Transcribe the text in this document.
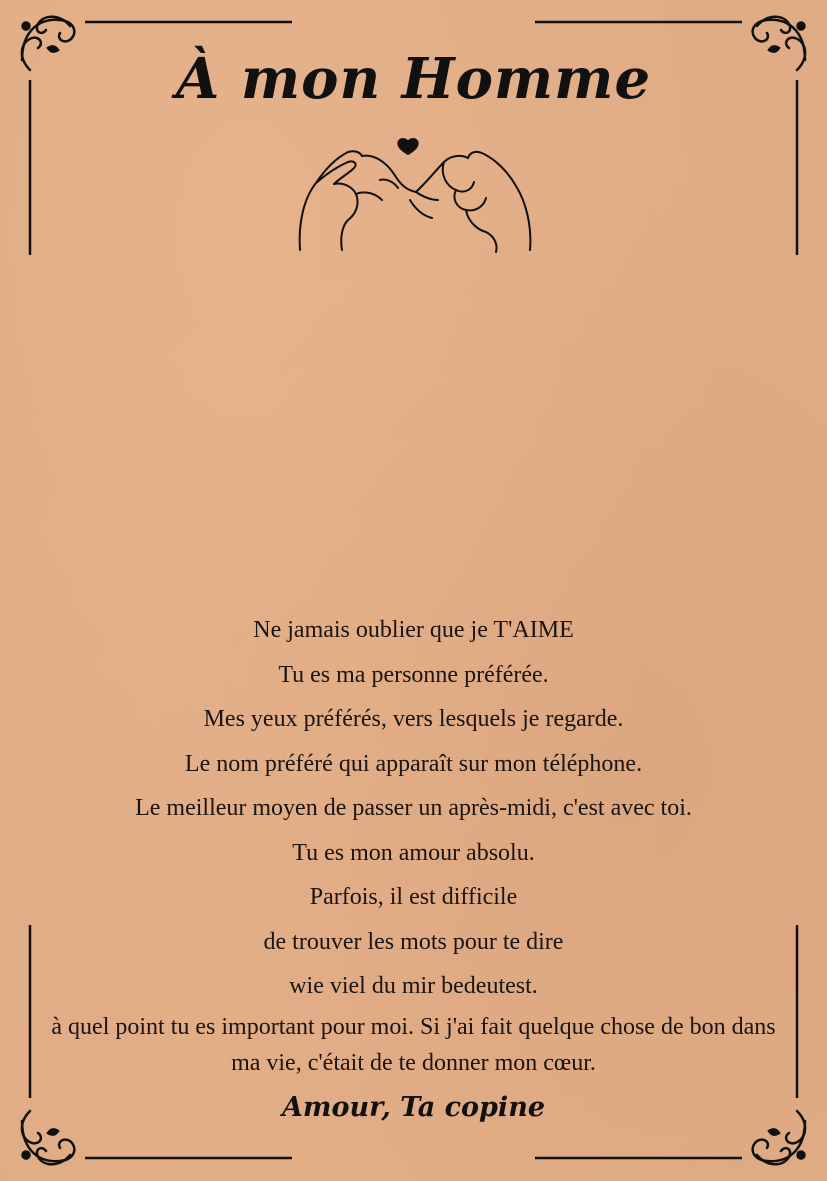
À mon Homme
Ne jamais oublier que je T'AIME
Tu es ma personne préférée.
Mes yeux préférés, vers lesquels je regarde.
Le nom préféré qui apparaît sur mon téléphone.
Le meilleur moyen de passer un après-midi, c'est avec toi.
Tu es mon amour absolu.
Parfois, il est difficile
de trouver les mots pour te dire
wie viel du mir bedeutest.
à quel point tu es important pour moi. Si j'ai fait quelque chose de bon dans ma vie, c'était de te donner mon cœur.
Amour, Ta copine
